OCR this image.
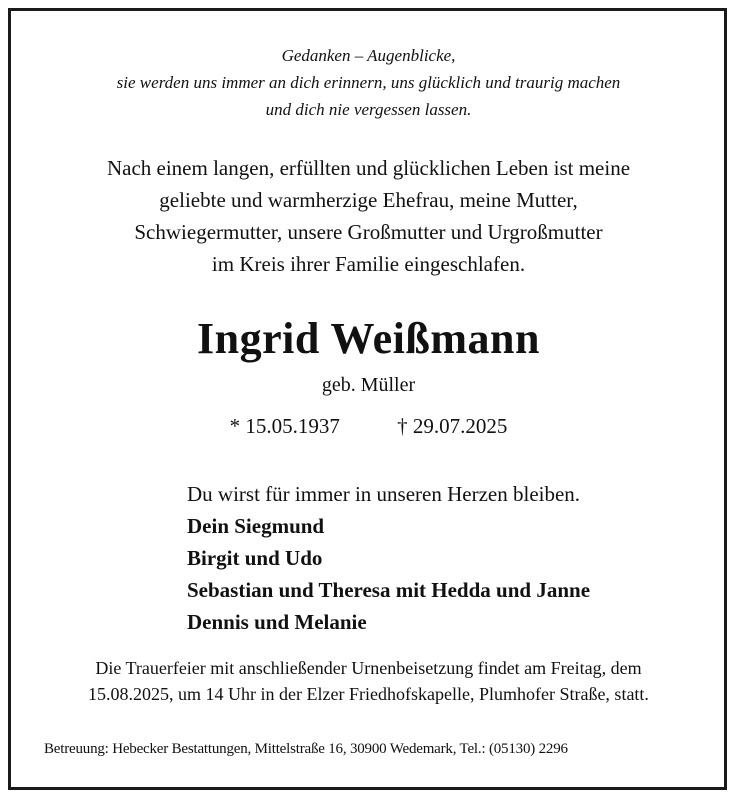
Gedanken – Augenblicke,
sie werden uns immer an dich erinnern, uns glücklich und traurig machen
und dich nie vergessen lassen.
Nach einem langen, erfüllten und glücklichen Leben ist meine
geliebte und warmherzige Ehefrau, meine Mutter,
Schwiegermutter, unsere Großmutter und Urgroßmutter
im Kreis ihrer Familie eingeschlafen.
Ingrid Weißmann
geb. Müller
* 15.05.1937	† 29.07.2025
Du wirst für immer in unseren Herzen bleiben.
Dein Siegmund
Birgit und Udo
Sebastian und Theresa mit Hedda und Janne
Dennis und Melanie
Die Trauerfeier mit anschließender Urnenbeisetzung findet am Freitag, dem
15.08.2025, um 14 Uhr in der Elzer Friedhofskapelle, Plumhofer Straße, statt.
Betreuung: Hebecker Bestattungen, Mittelstraße 16, 30900 Wedemark, Tel.: (05130) 2296
